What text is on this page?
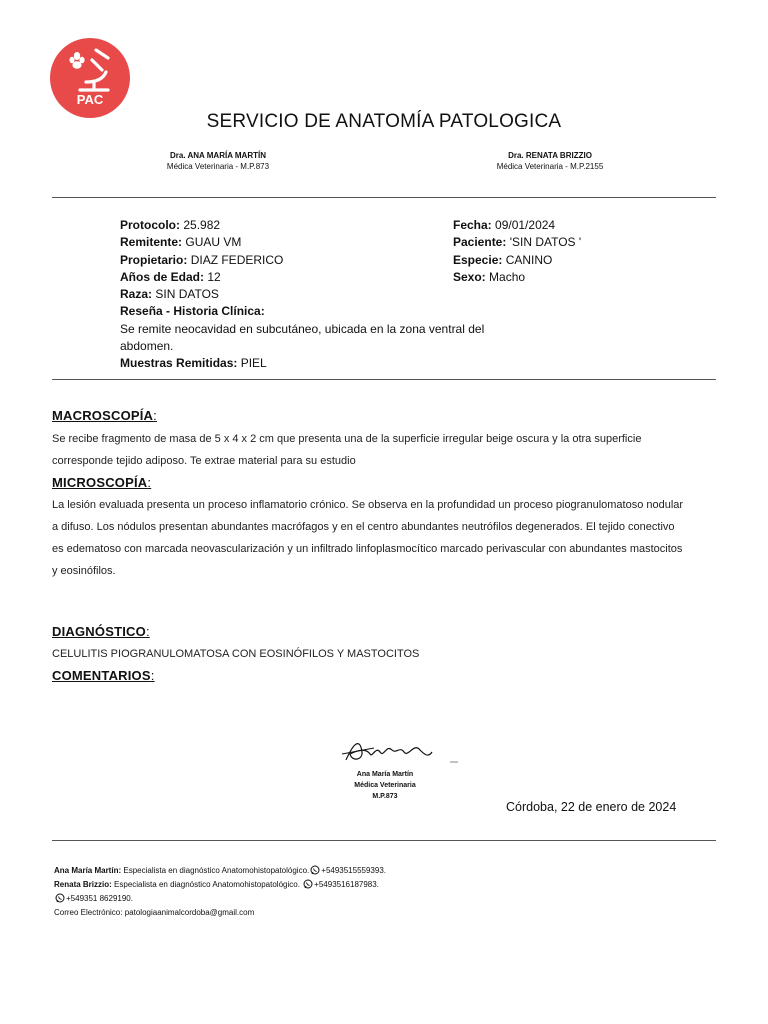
PAC
SERVICIO DE ANATOMÍA PATOLOGICA
Dra. ANA MARÍA MARTÍN
Médica Veterinaria - M.P.873
Dra. RENATA BRIZZIO
Médica Veterinaria - M.P.2155
Protocolo: 25.982
Remitente: GUAU VM
Propietario: DIAZ FEDERICO
Años de Edad: 12
Raza: SIN DATOS
Reseña - Historia Clínica:
Se remite neocavidad en subcutáneo, ubicada en la zona ventral del abdomen.
Muestras Remitidas: PIEL
Fecha: 09/01/2024
Paciente: 'SIN DATOS '
Especie: CANINO
Sexo: Macho
MACROSCOPÍA:
Se recibe fragmento de masa de 5 x 4 x 2 cm que presenta una de la superficie irregular beige oscura y la otra superficie
corresponde tejido adiposo. Te extrae material para su estudio
MICROSCOPÍA:
La lesión evaluada presenta un proceso inflamatorio crónico. Se observa en la profundidad un proceso piogranulomatoso nodular
a difuso. Los nódulos presentan abundantes macrófagos y en el centro abundantes neutrófilos degenerados. El tejido conectivo
es edematoso con marcada neovascularización y un infiltrado linfoplasmocítico marcado perivascular con abundantes mastocitos
y eosinófilos.
DIAGNÓSTICO:
CELULITIS PIOGRANULOMATOSA CON EOSINÓFILOS Y MASTOCITOS
COMENTARIOS:
Ana María Martín
Médica Veterinaria
M.P.873
Córdoba, 22 de enero de 2024
Ana María Martín: Especialista en diagnóstico Anatomohistopatológico. +5493515559393.
Renata Brizzio: Especialista en diagnóstico Anatomohistopatológico. +5493516187983.
+549351 8629190.
Correo Electrónico: patologiaanimalcordoba@gmail.com
